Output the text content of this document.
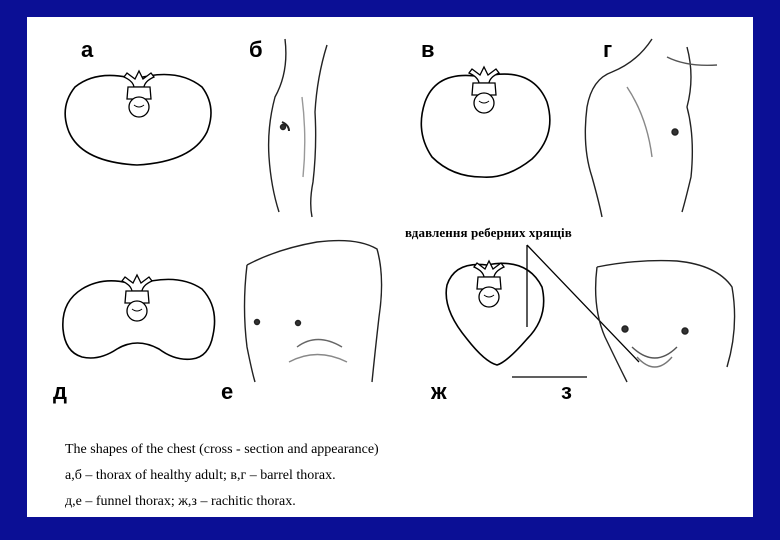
а	б	в	г
д	е	ж	з
вдавлення реберних хрящів
The shapes of the chest (cross - section and appearance)
а,б – thorax of healthy adult; в,г – barrel thorax.
д,е – funnel thorax; ж,з – rachitic thorax.
